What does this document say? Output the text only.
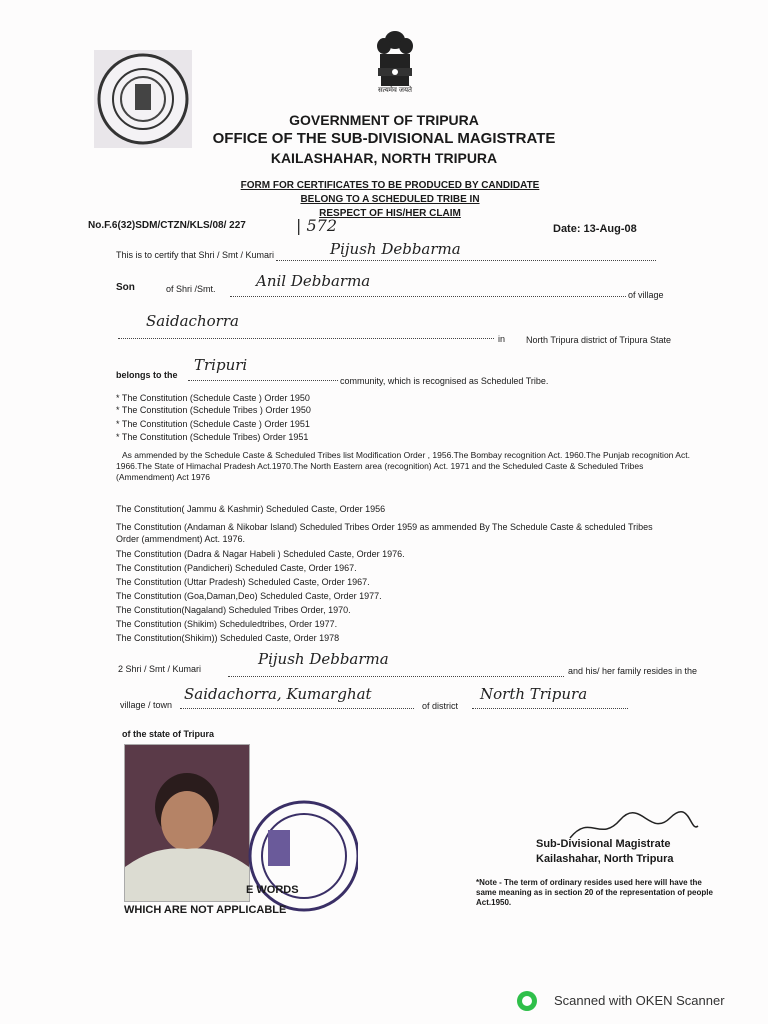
सत्यमेव जयते
GOVERNMENT OF TRIPURA
OFFICE OF THE SUB-DIVISIONAL MAGISTRATE
KAILASHAHAR, NORTH TRIPURA
FORM FOR CERTIFICATES TO BE PRODUCED BY CANDIDATE
BELONG TO A SCHEDULED TRIBE IN
RESPECT OF HIS/HER CLAIM
No.F.6(32)SDM/CTZN/KLS/08/ 227	| 572	Date: 13-Aug-08
This is to certify that Shri / Smt / Kumari	Pijush Debbarma
Son	of Shri /Smt.	Anil Debbarma
of village
Saidachorra
in North Tripura district of Tripura State
belongs to the
Tripuri
community, which is recognised as Scheduled Tribe.
* The Constitution (Schedule Caste ) Order 1950
* The Constitution (Schedule Tribes ) Order 1950
* The Constitution (Schedule Caste ) Order 1951
* The Constitution (Schedule Tribes) Order 1951
As ammended by the Schedule Caste & Scheduled Tribes list Modification Order , 1956.The Bombay recognition Act. 1960.The Punjab recognition Act. 1966.The State of Himachal Pradesh Act.1970.The North Eastern area (recognition) Act. 1971 and the Scheduled Caste & Scheduled Tribes (Ammendment) Act 1976
The Constitution( Jammu & Kashmir) Scheduled Caste, Order 1956
The Constitution (Andaman & Nikobar Island) Scheduled Tribes Order 1959 as ammended By The Schedule Caste & scheduled Tribes Order (ammendment) Act. 1976.
The Constitution (Dadra & Nagar Habeli ) Scheduled Caste, Order 1976.
The Constitution (Pandicheri) Scheduled Caste, Order 1967.
The Constitution (Uttar Pradesh) Scheduled Caste, Order 1967.
The Constitution (Goa,Daman,Deo) Scheduled Caste, Order 1977.
The Constitution(Nagaland) Scheduled Tribes Order, 1970.
The Constitution (Shikim) Scheduledtribes, Order 1977.
The Constitution(Shikim)) Scheduled Caste, Order 1978
2 Shri / Smt / Kumari
Pijush Debbarma
and his/ her family resides in the
village / town
Saidachorra, Kumarghat
of district
North Tripura
of the state of Tripura
E WORDS
WHICH ARE NOT APPLICABLE
Sub-Divisional Magistrate
Kailashahar, North Tripura
*Note - The term of ordinary resides used here will have the same meaning as in section 20 of the representation of people Act.1950.
Scanned with OKEN Scanner
